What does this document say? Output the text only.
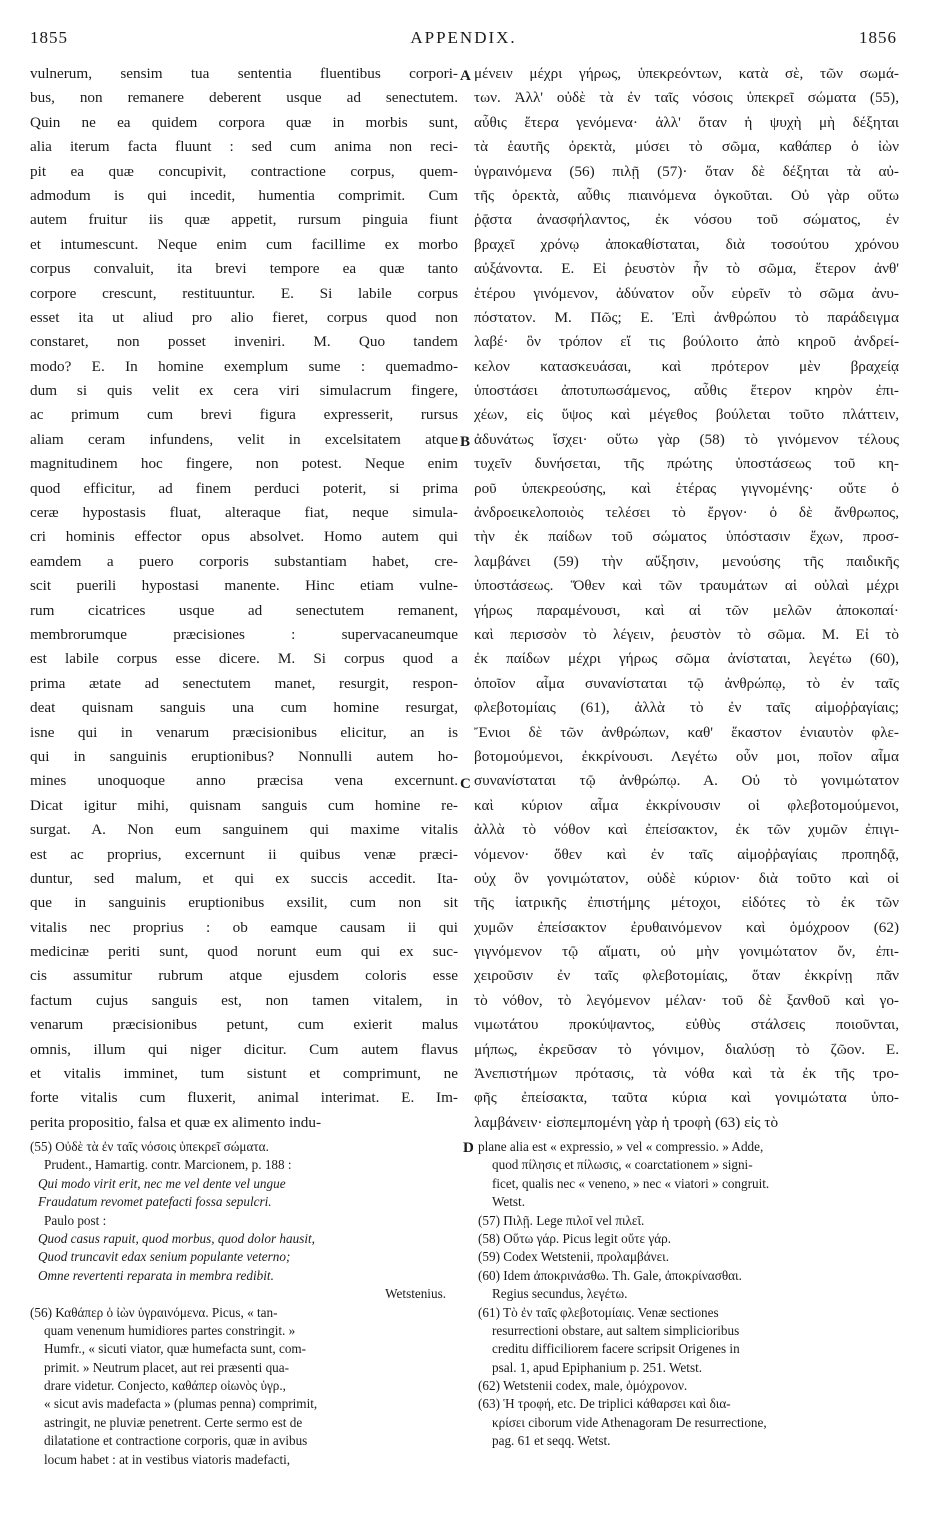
1855	APPENDIX.	1856
vulnerum, sensim tua sententia fluentibus corpori-
bus, non remanere deberent usque ad senectutem.
Quin ne ea quidem corpora quæ in morbis sunt,
alia iterum facta fluunt : sed cum anima non reci-
pit ea quæ concupivit, contractione corpus, quem-
admodum is qui incedit, humentia comprimit. Cum
autem fruitur iis quæ appetit, rursum pinguia fiunt
et intumescunt. Neque enim cum facillime ex morbo
corpus convaluit, ita brevi tempore ea quæ tanto
corpore crescunt, restituuntur. E. Si labile corpus
esset ita ut aliud pro alio fieret, corpus quod non
constaret, non posset inveniri. M. Quo tandem
modo? E. In homine exemplum sume : quemadmo-
dum si quis velit ex cera viri simulacrum fingere,
ac primum cum brevi figura expresserit, rursus
aliam ceram infundens, velit in excelsitatem atque
magnitudinem hoc fingere, non potest. Neque enim
quod efficitur, ad finem perduci poterit, si prima
ceræ hypostasis fluat, alteraque fiat, neque simula-
cri hominis effector opus absolvet. Homo autem qui
eamdem a puero corporis substantiam habet, cre-
scit puerili hypostasi manente. Hinc etiam vulne-
rum cicatrices usque ad senectutem remanent,
membrorumque præcisiones : supervacaneumque
est labile corpus esse dicere. M. Si corpus quod a
prima ætate ad senectutem manet, resurgit, respon-
deat quisnam sanguis una cum homine resurgat,
isne qui in venarum præcisionibus elicitur, an is
qui in sanguinis eruptionibus? Nonnulli autem ho-
mines unoquoque anno præcisa vena excernunt.
Dicat igitur mihi, quisnam sanguis cum homine re-
surgat. A. Non eum sanguinem qui maxime vitalis
est ac proprius, excernunt ii quibus venæ præci-
duntur, sed malum, et qui ex succis accedit. Ita-
que in sanguinis eruptionibus exsilit, cum non sit
vitalis nec proprius : ob eamque causam ii qui
medicinæ periti sunt, quod norunt eum qui ex suc-
cis assumitur rubrum atque ejusdem coloris esse
factum cujus sanguis est, non tamen vitalem, in
venarum præcisionibus petunt, cum exierit malus
omnis, illum qui niger dicitur. Cum autem flavus
et vitalis imminet, tum sistunt et comprimunt, ne
forte vitalis cum fluxerit, animal interimat. E. Im-
perita propositio, falsa et quæ ex alimento indu-
μένειν μέχρι γήρως, ὑπεκρεόντων, κατὰ σὲ, τῶν σωμά-
των. Ἀλλ' οὐδὲ τὰ ἐν ταῖς νόσοις ὑπεκρεῖ σώματα (55),
αὖθις ἕτερα γενόμενα· ἀλλ' ὅταν ἡ ψυχὴ μὴ δέξηται
τὰ ἑαυτῆς ὀρεκτὰ, μύσει τὸ σῶμα, καθάπερ ὁ ἰὼν
ὑγραινόμενα (56) πιλῇ (57)· ὅταν δὲ δέξηται τὰ αὐ-
τῆς ὀρεκτὰ, αὖθις πιαινόμενα ὀγκοῦται. Οὐ γὰρ οὕτω
ῥᾷστα ἀνασφήλαντος, ἐκ νόσου τοῦ σώματος, ἐν
βραχεῖ χρόνῳ ἀποκαθίσταται, διὰ τοσούτου χρόνου
αὐξάνοντα. Ε. Εἰ ῥευστὸν ἦν τὸ σῶμα, ἕτερον ἀνθ'
ἑτέρου γινόμενον, ἀδύνατον οὖν εὑρεῖν τὸ σῶμα ἀνυ-
πόστατον. Μ. Πῶς; Ε. Ἐπὶ ἀνθρώπου τὸ παράδειγμα
λαβέ· ὃν τρόπον εἴ τις βούλοιτο ἀπὸ κηροῦ ἀνδρεί-
κελον κατασκευάσαι, καὶ πρότερον μὲν βραχείᾳ
ὑποστάσει ἀποτυπωσάμενος, αὖθις ἕτερον κηρὸν ἐπι-
χέων, εἰς ὕψος καὶ μέγεθος βούλεται τοῦτο πλάττειν,
ἀδυνάτως ἴσχει· οὕτω γὰρ (58) τὸ γινόμενον τέλους
τυχεῖν δυνήσεται, τῆς πρώτης ὑποστάσεως τοῦ κη-
ροῦ ὑπεκρεούσης, καὶ ἑτέρας γιγνομένης· οὔτε ὁ
ἀνδροεικελοποιὸς τελέσει τὸ ἔργον· ὁ δὲ ἄνθρωπος,
τὴν ἐκ παίδων τοῦ σώματος ὑπόστασιν ἔχων, προσ-
λαμβάνει (59) τὴν αὔξησιν, μενούσης τῆς παιδικῆς
ὑποστάσεως. Ὅθεν καὶ τῶν τραυμάτων αἱ οὐλαὶ μέχρι
γήρως παραμένουσι, καὶ αἱ τῶν μελῶν ἀποκοπαί·
καὶ περισσὸν τὸ λέγειν, ῥευστὸν τὸ σῶμα. Μ. Εἰ τὸ
ἐκ παίδων μέχρι γήρως σῶμα ἀνίσταται, λεγέτω (60),
ὁποῖον αἷμα συνανίσταται τῷ ἀνθρώπῳ, τὸ ἐν ταῖς
φλεβοτομίαις (61), ἀλλὰ τὸ ἐν ταῖς αἱμοῤῥαγίαις;
Ἔνιοι δὲ τῶν ἀνθρώπων, καθ' ἕκαστον ἐνιαυτὸν φλε-
βοτομούμενοι, ἐκκρίνουσι. Λεγέτω οὖν μοι, ποῖον αἷμα
συνανίσταται τῷ ἀνθρώπῳ. Α. Οὐ τὸ γονιμώτατον
καὶ κύριον αἷμα ἐκκρίνουσιν οἱ φλεβοτομούμενοι,
ἀλλὰ τὸ νόθον καὶ ἐπείσακτον, ἐκ τῶν χυμῶν ἐπιγι-
νόμενον· ὅθεν καὶ ἐν ταῖς αἱμοῤῥαγίαις προπηδᾷ,
οὐχ ὃν γονιμώτατον, οὐδὲ κύριον· διὰ τοῦτο καὶ οἱ
τῆς ἰατρικῆς ἐπιστήμης μέτοχοι, εἰδότες τὸ ἐκ τῶν
χυμῶν ἐπείσακτον ἐρυθαινόμενον καὶ ὁμόχροον (62)
γιγνόμενον τῷ αἵματι, οὐ μὴν γονιμώτατον ὄν, ἐπι-
χειροῦσιν ἐν ταῖς φλεβοτομίαις, ὅταν ἐκκρίνῃ πᾶν
τὸ νόθον, τὸ λεγόμενον μέλαν· τοῦ δὲ ξανθοῦ καὶ γο-
νιμωτάτου προκύψαντος, εὐθὺς στάλσεις ποιοῦνται,
μήπως, ἐκρεῦσαν τὸ γόνιμον, διαλύσῃ τὸ ζῶον. Ε.
Ἀνεπιστήμων πρότασις, τὰ νόθα καὶ τὰ ἐκ τῆς τρο-
φῆς ἐπείσακτα, ταῦτα κύρια καὶ γονιμώτατα ὑπο-
λαμβάνειν· εἰσπεμπομένη γὰρ ἡ τροφὴ (63) εἰς τὸ
A
B
C
D
(55) Οὐδὲ τὰ ἐν ταῖς νόσοις ὑπεκρεῖ σώματα.
Prudent., Hamartig. contr. Marcionem, p. 188 :
Qui modo virit erit, nec me vel dente vel ungue
Fraudatum revomet patefacti fossa sepulcri.
Paulo post :
Quod casus rapuit, quod morbus, quod dolor hausit,
Quod truncavit edax senium populante veterno;
Omne revertenti reparata in membra redibit.
Wetstenius.
(56) Καθάπερ ὁ ἰὼν ὑγραινόμενα. Picus, « tan-
quam venenum humidiores partes constringit. »
Humfr., « sicuti viator, quæ humefacta sunt, com-
primit. » Neutrum placet, aut rei præsenti qua-
drare videtur. Conjecto, καθάπερ οἰωνὸς ὑγρ.,
« sicut avis madefacta » (plumas penna) comprimit,
astringit, ne pluviæ penetrent. Certe sermo est de
dilatatione et contractione corporis, quæ in avibus
locum habet : at in vestibus viatoris madefacti,
plane alia est « expressio, » vel « compressio. » Adde,
quod πίλησις et πίλωσις, « coarctationem » signi-
ficet, qualis nec « veneno, » nec « viatori » congruit.
Wetst.
(57) Πιλῇ. Lege πιλοῖ vel πιλεῖ.
(58) Οὕτω γάρ. Picus legit οὔτε γάρ.
(59) Codex Wetstenii, προλαμβάνει.
(60) Idem ἀποκρινάσθω. Th. Gale, ἀποκρίνασθαι.
Regius secundus, λεγέτω.
(61) Τὸ ἐν ταῖς φλεβοτομίαις. Venæ sectiones
resurrectioni obstare, aut saltem simplicioribus
creditu difficiliorem facere scripsit Origenes in
psal. 1, apud Epiphanium p. 251. Wetst.
(62) Wetstenii codex, male, ὁμόχρονον.
(63) Ἡ τροφή, etc. De triplici κάθαρσει καὶ δια-
κρίσει ciborum vide Athenagoram De resurrectione,
pag. 61 et seqq. Wetst.
